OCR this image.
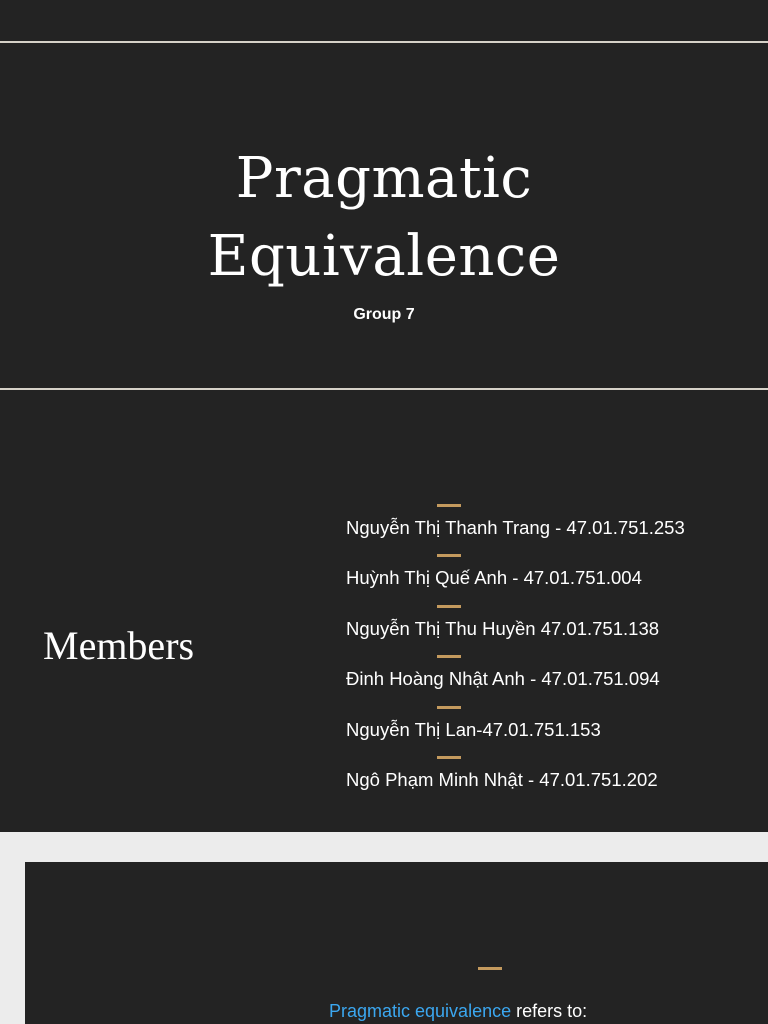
Pragmatic
Equivalence
Group 7
Members
Nguyễn Thị Thanh Trang - 47.01.751.253
Huỳnh Thị Quế Anh - 47.01.751.004
Nguyễn Thị Thu Huyền 47.01.751.138
Đinh Hoàng Nhật Anh - 47.01.751.094
Nguyễn Thị Lan-47.01.751.153
Ngô Phạm Minh Nhật - 47.01.751.202
Pragmatic equivalence refers to:
